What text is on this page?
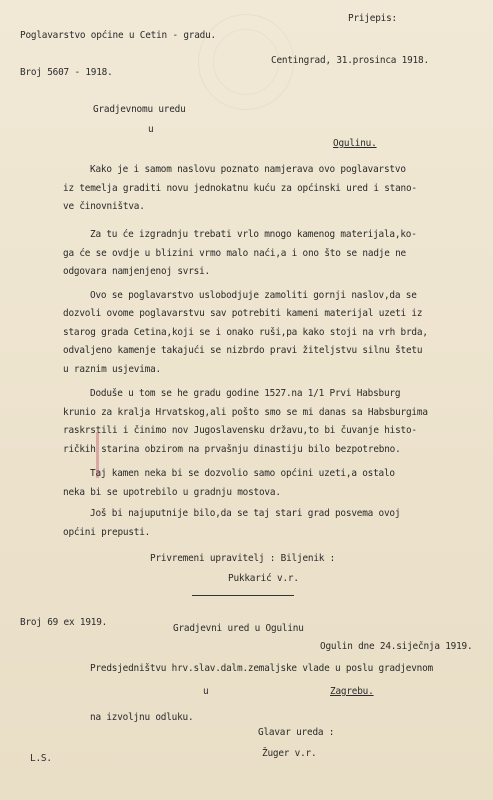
Poglavarstvo općine u Cetin - gradu.
Prijepis:
Broj 5607 - 1918.
Centingrad, 31.prosinca 1918.
Gradjevnomu uredu
u
Ogulinu.
Kako je i samom naslovu poznato namjerava ovo poglavarstvo
iz temelja graditi novu jednokatnu kuću za općinski ured i stano-
ve činovništva.
Za tu će izgradnju trebati vrlo mnogo kamenog materijala,ko-
ga će se ovdje u blizini vrmo malo naći,a i ono što se nadje ne
odgovara namjenjenoj svrsi.
Ovo se poglavarstvo uslobodjuje zamoliti gornji naslov,da se
dozvoli ovome poglavarstvu sav potrebiti kameni materijal uzeti iz
starog grada Cetina,koji se i onako ruši,pa kako stoji na vrh brda,
odvaljeno kamenje takajući se nizbrdo pravi žiteljstvu silnu štetu
u raznim usjevima.
Doduše u tom se he gradu godine 1527.na 1/1 Prvi Habsburg
krunio za kralja Hrvatskog,ali pošto smo se mi danas sa Habsburgima
raskrstili i činimo nov Jugoslavensku državu,to bi čuvanje histo-
ričkih starina obzirom na prvašnju dinastiju bilo bezpotrebno.
Taj kamen neka bi se dozvolio samo općini uzeti,a ostalo
neka bi se upotrebilo u gradnju mostova.
Još bi najuputnije bilo,da se taj stari grad posvema ovoj
općini prepusti.
Privremeni upravitelj : Biljenik :
Pukkarić v.r.
Broj 69 ex 1919.
Gradjevni ured u Ogulinu
Ogulin dne 24.siječnja 1919.
Predsjedništvu hrv.slav.dalm.zemaljske vlade u poslu gradjevnom
u	Zagrebu.
na izvoljnu odluku.
Glavar ureda :
Žuger v.r.
L.S.
